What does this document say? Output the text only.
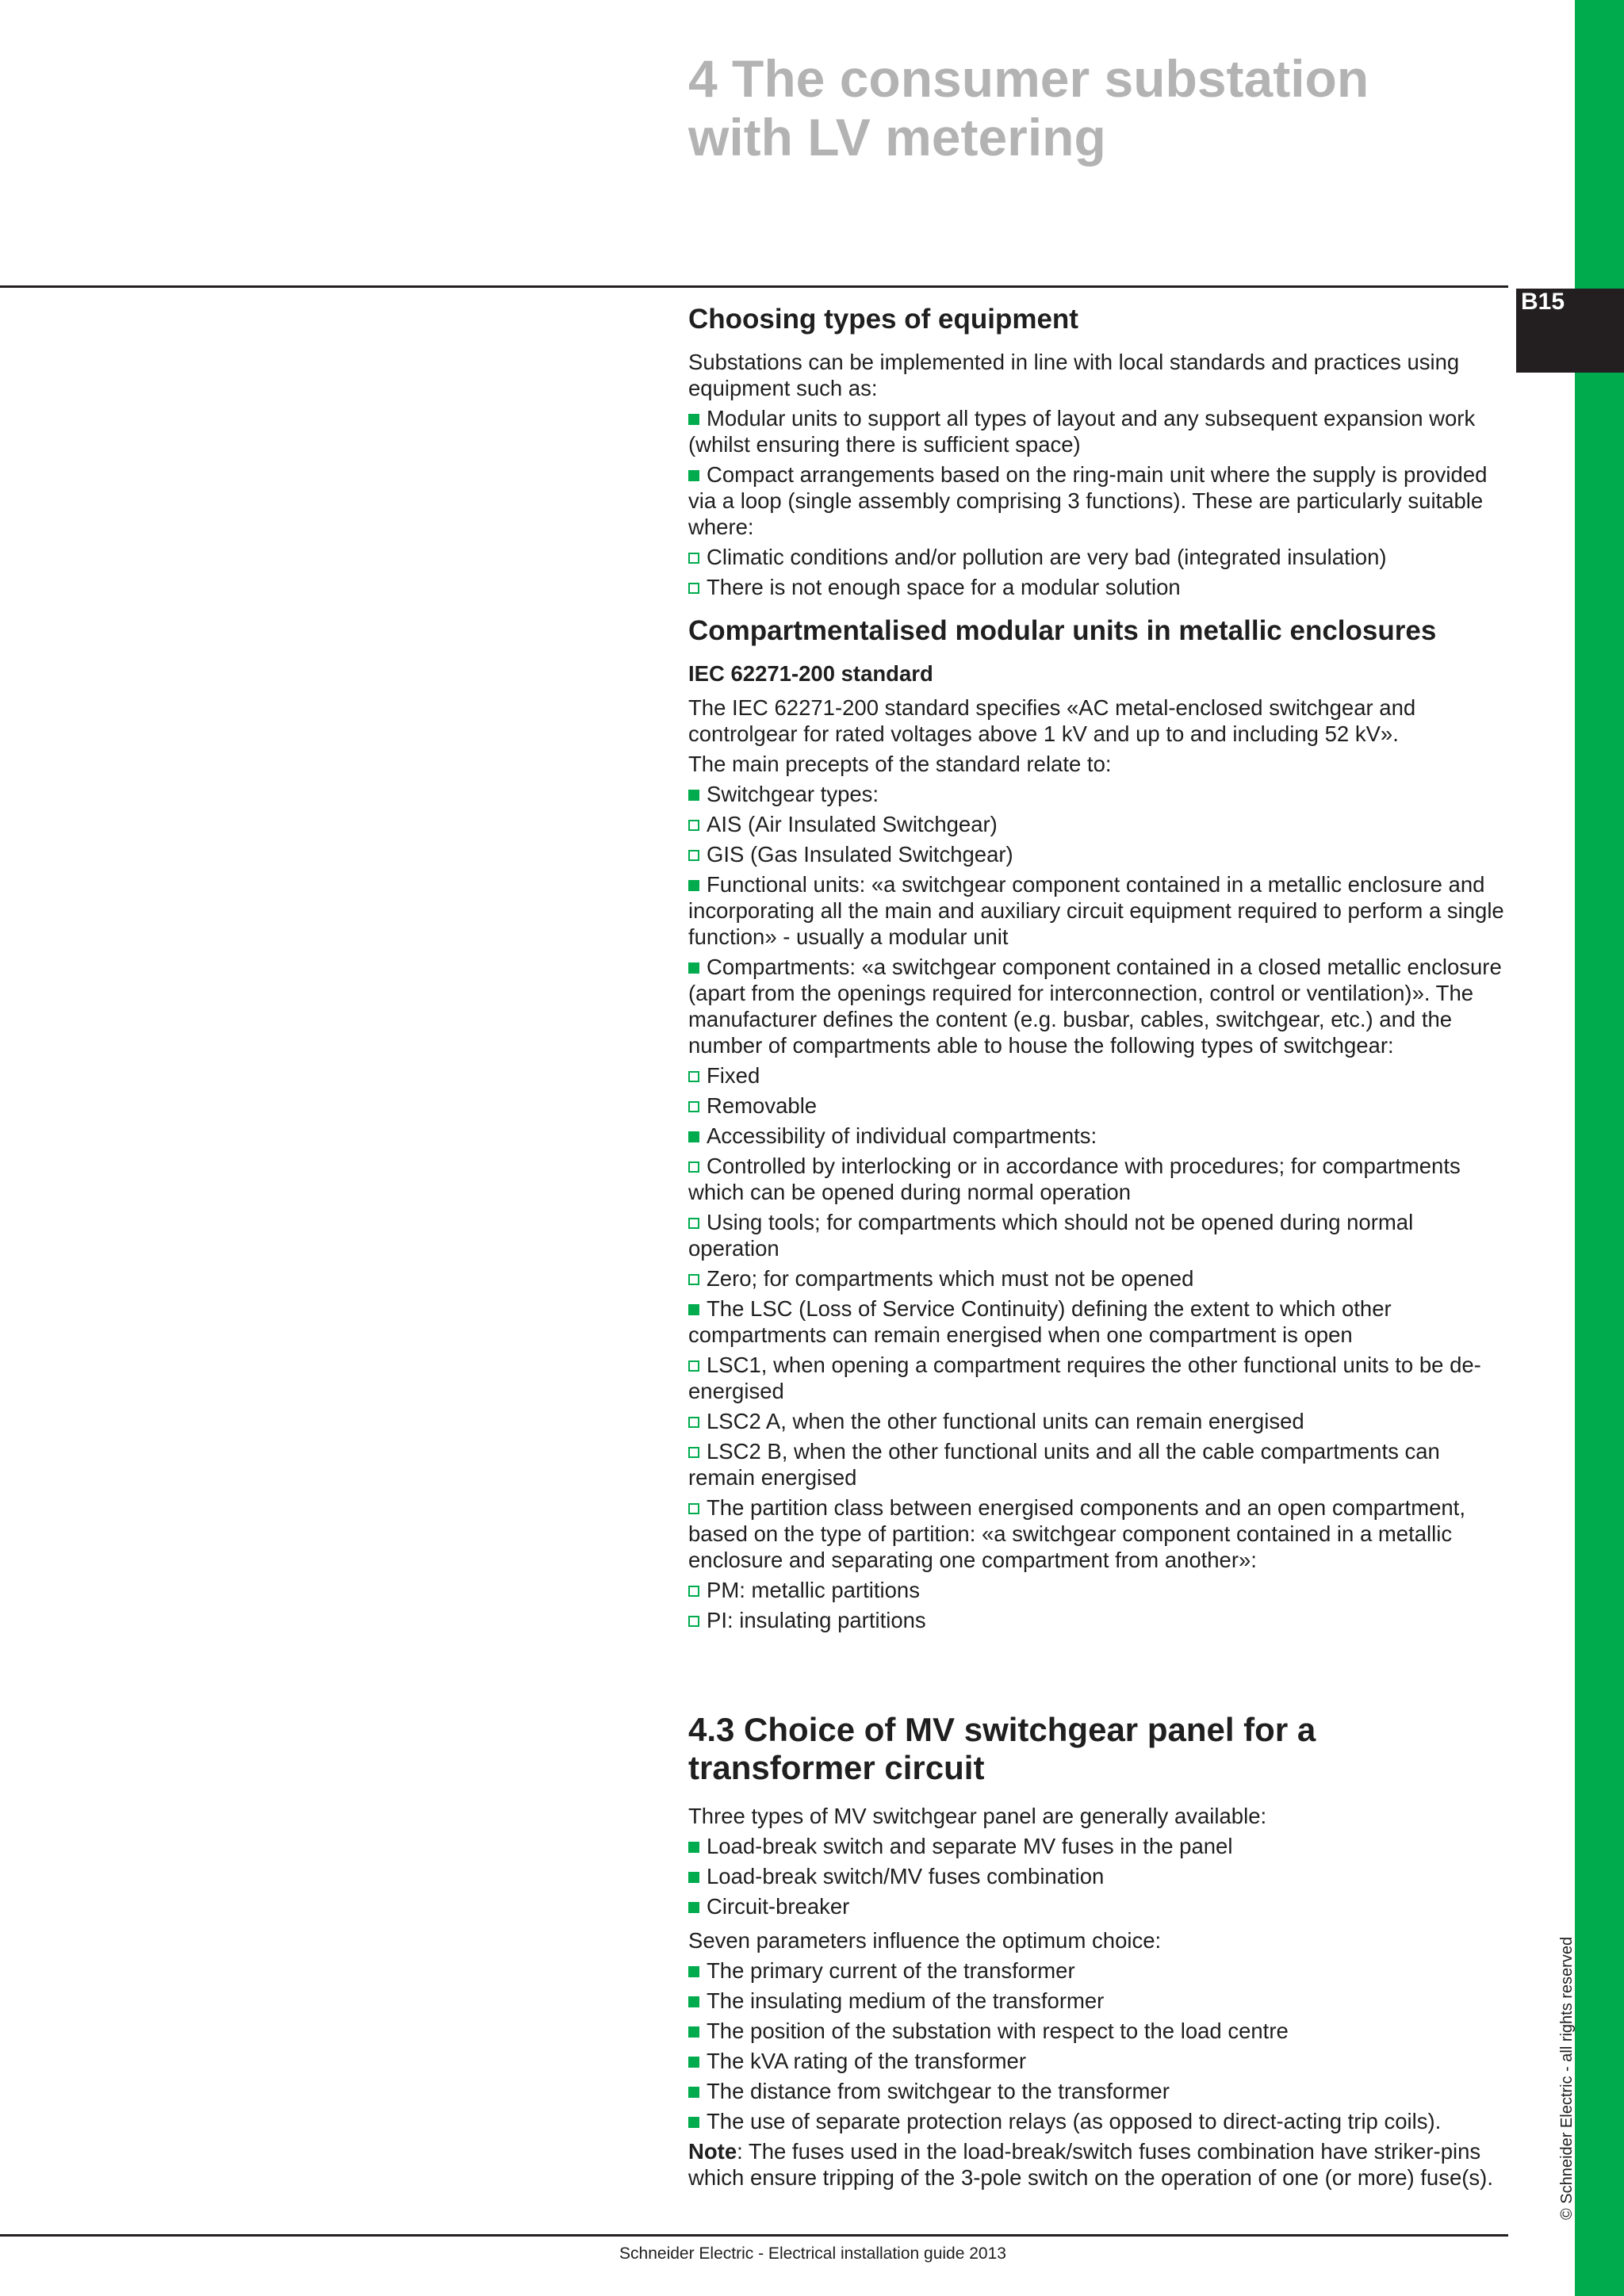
B15
4 The consumer substation
with LV metering
Choosing types of equipment

Substations can be implemented in line with local standards and practices using equipment such as:

Modular units to support all types of layout and any subsequent expansion work (whilst ensuring there is sufficient space)

Compact arrangements based on the ring-main unit where the supply is provided via a loop (single assembly comprising 3 functions). These are particularly suitable where:

Climatic conditions and/or pollution are very bad (integrated insulation)

There is not enough space for a modular solution

Compartmentalised modular units in metallic enclosures
IEC 62271-200 standard

The IEC 62271-200 standard specifies «AC metal-enclosed switchgear and controlgear for rated voltages above 1 kV and up to and including 52 kV».

The main precepts of the standard relate to:

Switchgear types:

AIS (Air Insulated Switchgear)

GIS (Gas Insulated Switchgear)

Functional units: «a switchgear component contained in a metallic enclosure and incorporating all the main and auxiliary circuit equipment required to perform a single function» - usually a modular unit

Compartments: «a switchgear component contained in a closed metallic enclosure (apart from the openings required for interconnection, control or ventilation)». The manufacturer defines the content (e.g. busbar, cables, switchgear, etc.) and the number of compartments able to house the following types of switchgear:

Fixed

Removable

Accessibility of individual compartments:

Controlled by interlocking or in accordance with procedures; for compartments which can be opened during normal operation

Using tools; for compartments which should not be opened during normal operation

Zero; for compartments which must not be opened

The LSC (Loss of Service Continuity) defining the extent to which other compartments can remain energised when one compartment is open

LSC1, when opening a compartment requires the other functional units to be de-energised

LSC2 A, when the other functional units can remain energised

LSC2 B, when the other functional units and all the cable compartments can remain energised

The partition class between energised components and an open compartment, based on the type of partition: «a switchgear component contained in a metallic enclosure and separating one compartment from another»:

PM: metallic partitions

PI: insulating partitions

4.3 Choice of MV switchgear panel for a transformer circuit

Three types of MV switchgear panel are generally available:

Load-break switch and separate MV fuses in the panel

Load-break switch/MV fuses combination

Circuit-breaker

Seven parameters influence the optimum choice:

The primary current of the transformer

The insulating medium of the transformer

The position of the substation with respect to the load centre

The kVA rating of the transformer

The distance from switchgear to the transformer

The use of separate protection relays (as opposed to direct-acting trip coils).

Note: The fuses used in the load-break/switch fuses combination have striker-pins which ensure tripping of the 3-pole switch on the operation of one (or more) fuse(s).

Schneider Electric - Electrical installation guide 2013
© Schneider Electric - all rights reserved
